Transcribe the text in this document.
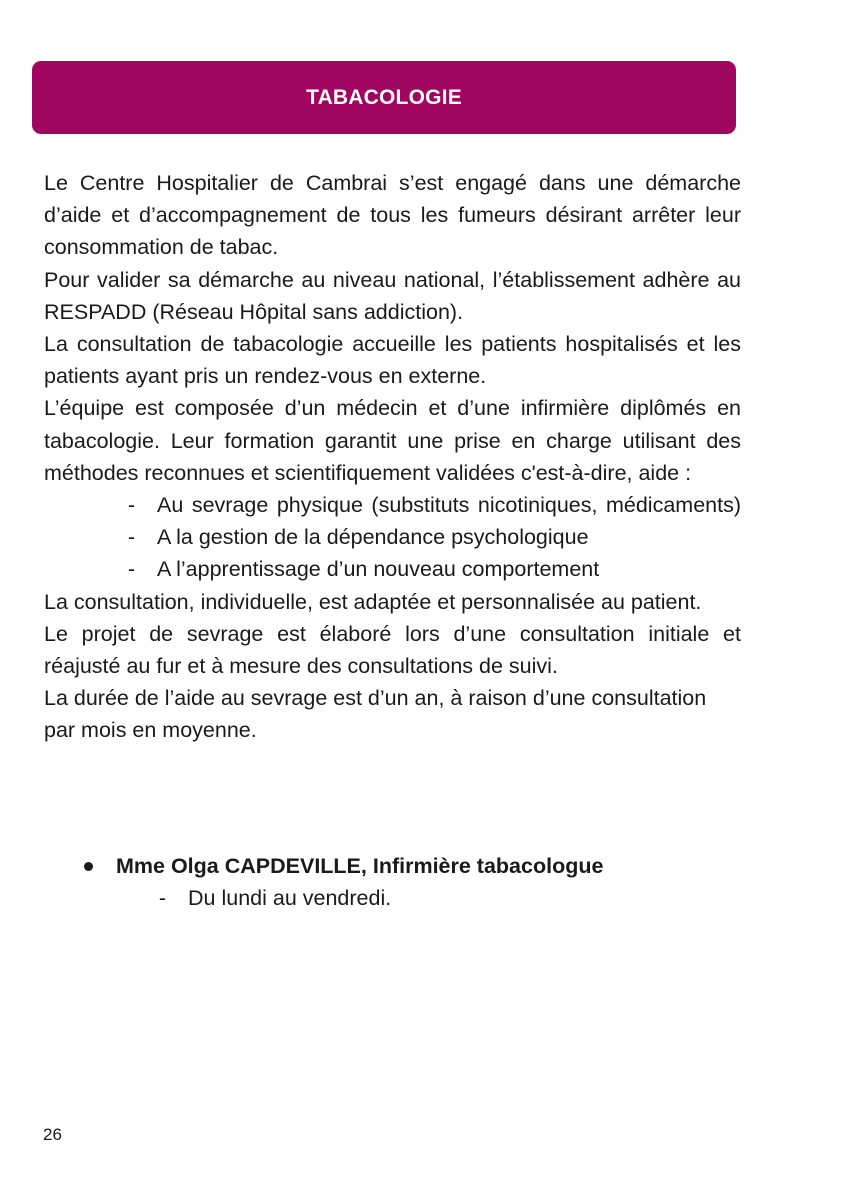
TABACOLOGIE

Le Centre Hospitalier de Cambrai s’est engagé dans une démarche d’aide et d’accompagnement de tous les fumeurs désirant arrêter leur consommation de tabac.

Pour valider sa démarche au niveau national, l’établissement adhère au RESPADD (Réseau Hôpital sans addiction).

La consultation de tabacologie accueille les patients hospitalisés et les patients ayant pris un rendez-vous en externe.

L’équipe est composée d’un médecin et d’une infirmière diplômés en tabacologie. Leur formation garantit une prise en charge utilisant des méthodes reconnues et scientifiquement validées c'est-à-dire, aide :

-	Au sevrage physique (substituts nicotiniques, médicaments)
-	A la gestion de la dépendance psychologique
-	A l’apprentissage d’un nouveau comportement

La consultation, individuelle, est adaptée et personnalisée au patient.

Le projet de sevrage est élaboré lors d’une consultation initiale et réajusté au fur et à mesure des consultations de suivi.

La durée de l’aide au sevrage est d’un an, à raison d’une consultation par mois en moyenne.

Mme Olga CAPDEVILLE, Infirmière tabacologue
-	Du lundi au vendredi.
26
